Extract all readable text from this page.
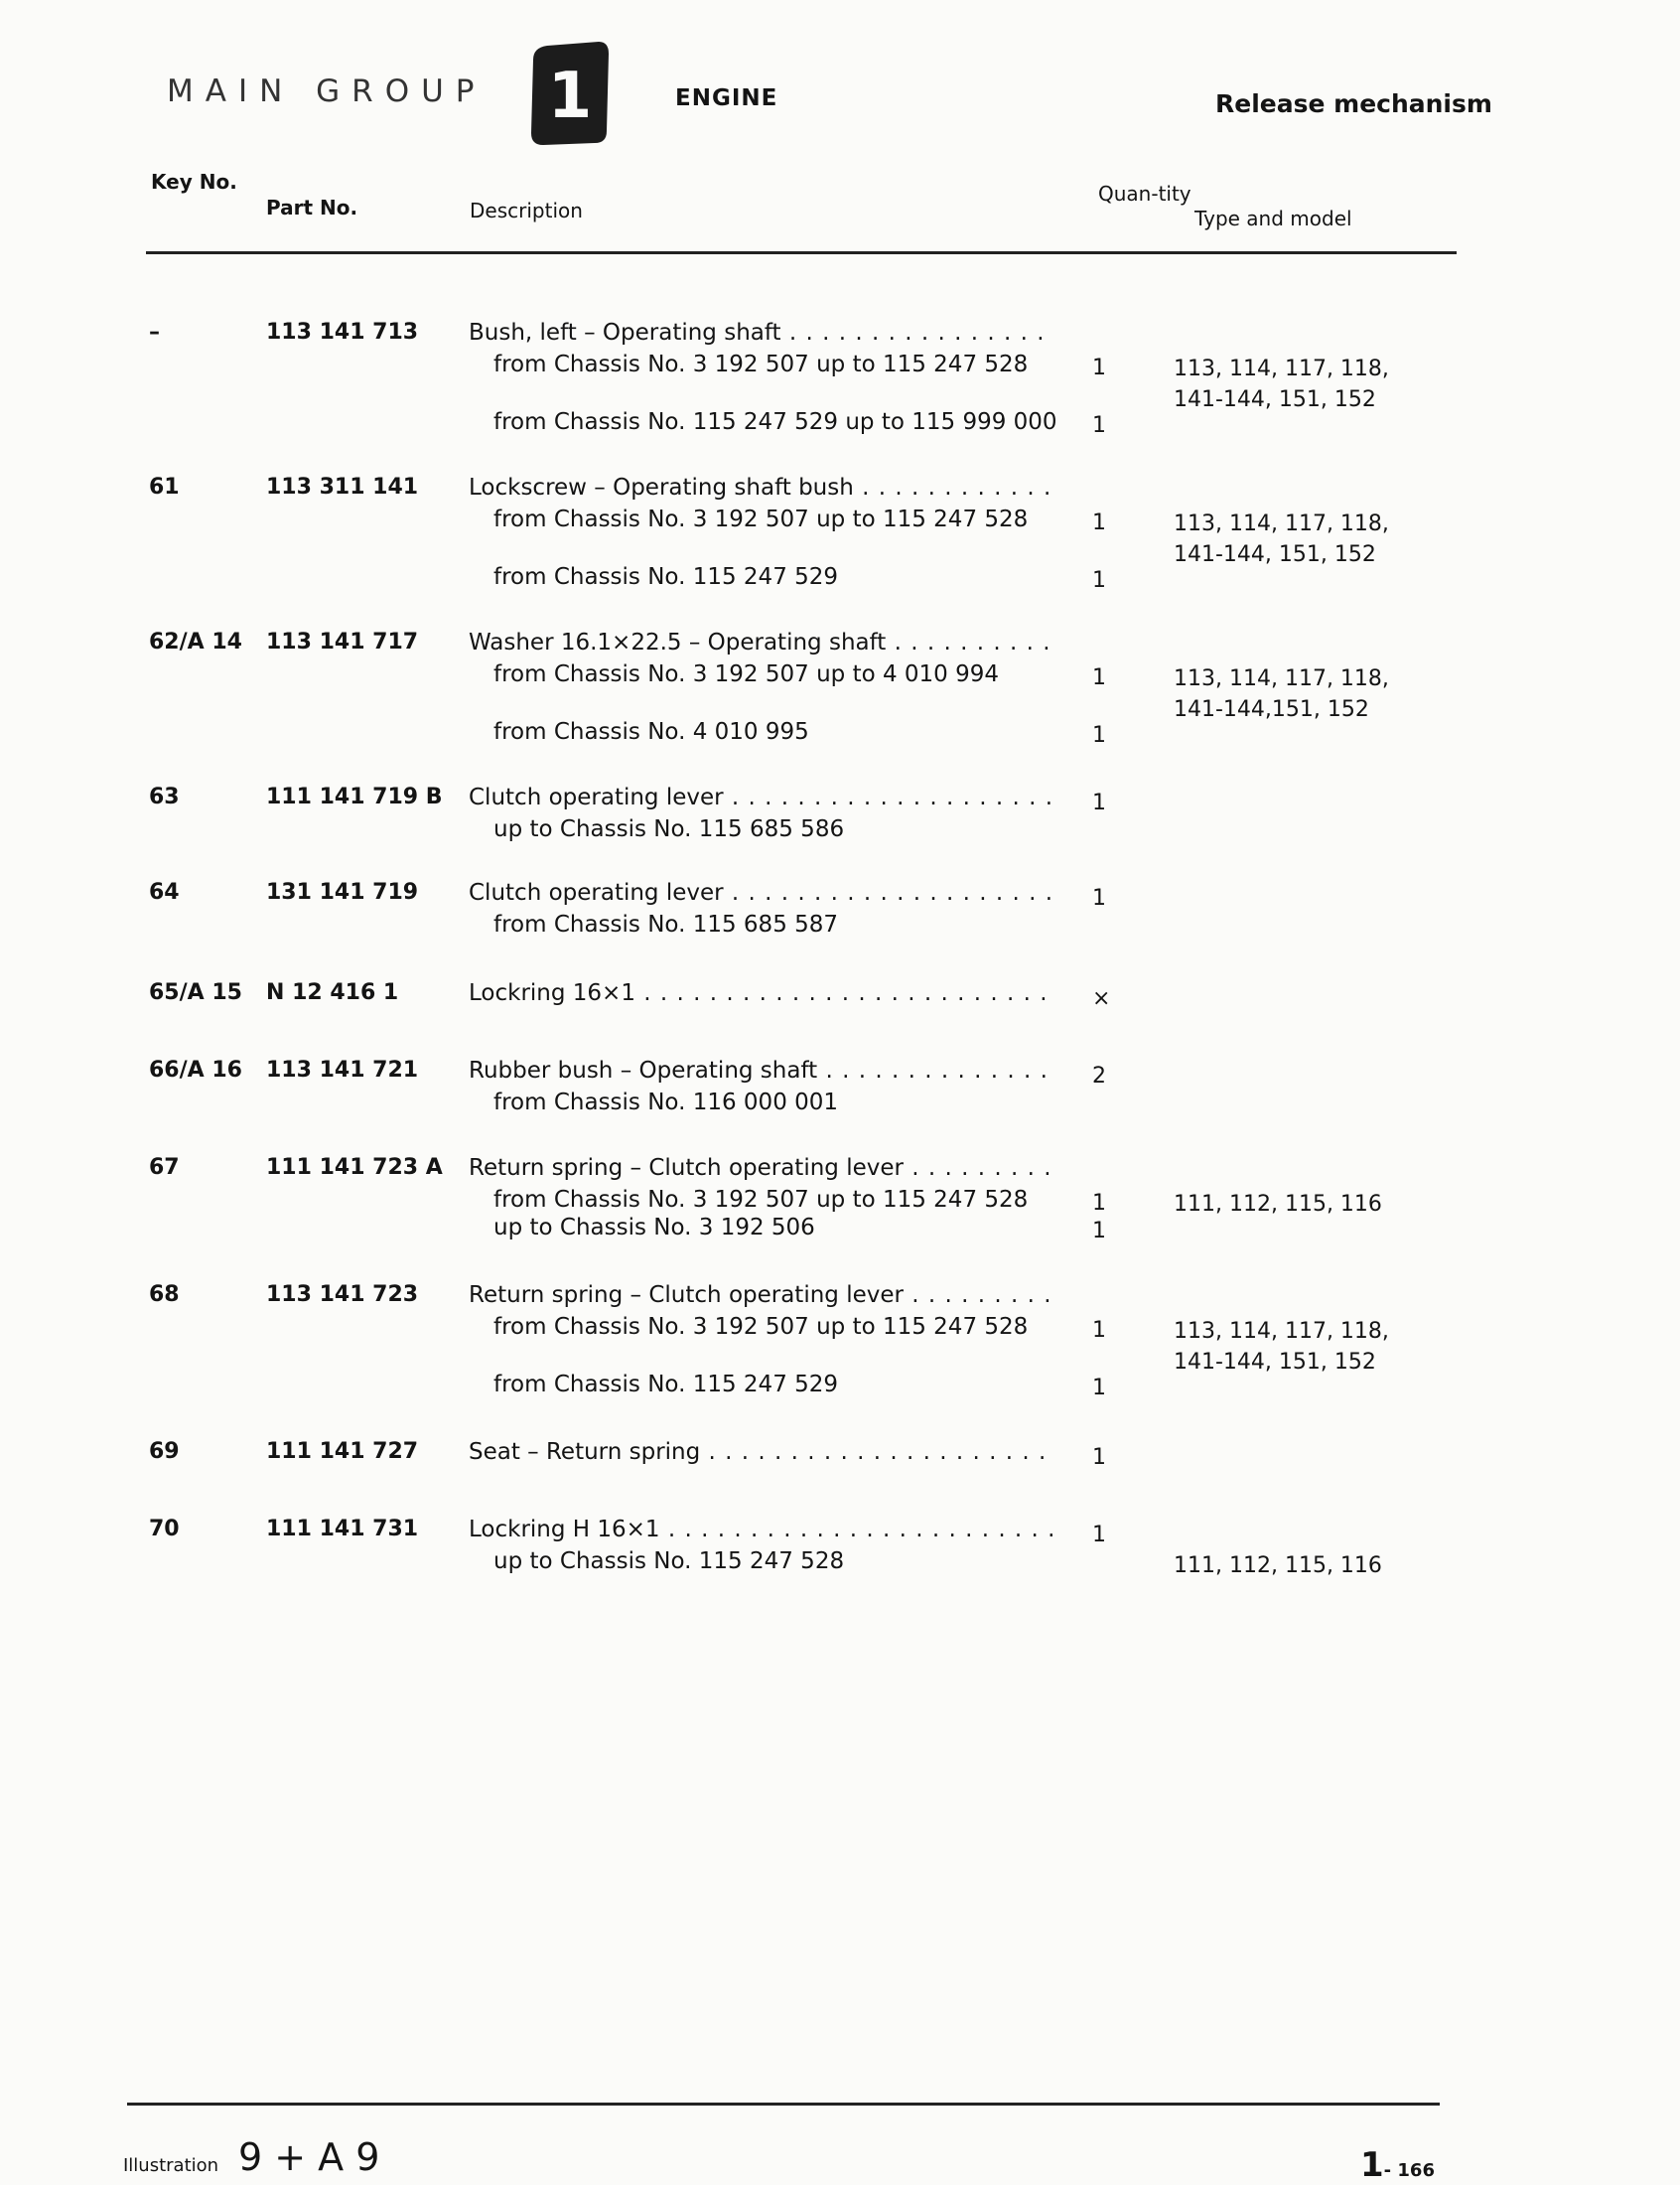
MAIN GROUP 1	ENGINE	Release mechanism
Key No.
Part No.	Description
Quan-tity
Type and model
–	113 141 713 Bush, left – Operating shaft . . .
from Chassis No. 3 192 507 up to 115 247 528	1
from Chassis No. 115 247 529 up to 115 999 000 1
113, 114, 117, 118,
141-144, 151, 152
61	113 311 141 Lockscrew – Operating shaft bush . . .
from Chassis No. 3 192 507 up to 115 247 528	1
from Chassis No. 115 247 529	1
113, 114, 117, 118,
141-144, 151, 152
62/A 14 113 141 717 Washer 16.1×22.5 – Operating shaft . . .
from Chassis No. 3 192 507 up to 4 010 994	1
from Chassis No. 4 010 995	1
113, 114, 117, 118,
141-144,151, 152
63	111 141 719 B Clutch operating lever . . .	1
up to Chassis No. 115 685 586
64	131 141 719 Clutch operating lever . . .	1
from Chassis No. 115 685 587
65/A 15 N 12 416 1	Lockring 16×1 . . .	×
66/A 16 113 141 721 Rubber bush – Operating shaft . . .	2
from Chassis No. 116 000 001
67	111 141 723 A Return spring – Clutch operating lever . . .
from Chassis No. 3 192 507 up to 115 247 528	1
up to Chassis No. 3 192 506	1
111, 112, 115, 116
68	113 141 723 Return spring – Clutch operating lever . . .
from Chassis No. 3 192 507 up to 115 247 528	1
from Chassis No. 115 247 529	1
113, 114, 117, 118,
141-144, 151, 152
69	111 141 727 Seat – Return spring . . .	1
70	111 141 731 Lockring H 16×1 . . .	1
up to Chassis No. 115 247 528	111, 112, 115, 116
Illustration 9 + A 9	1- 166
